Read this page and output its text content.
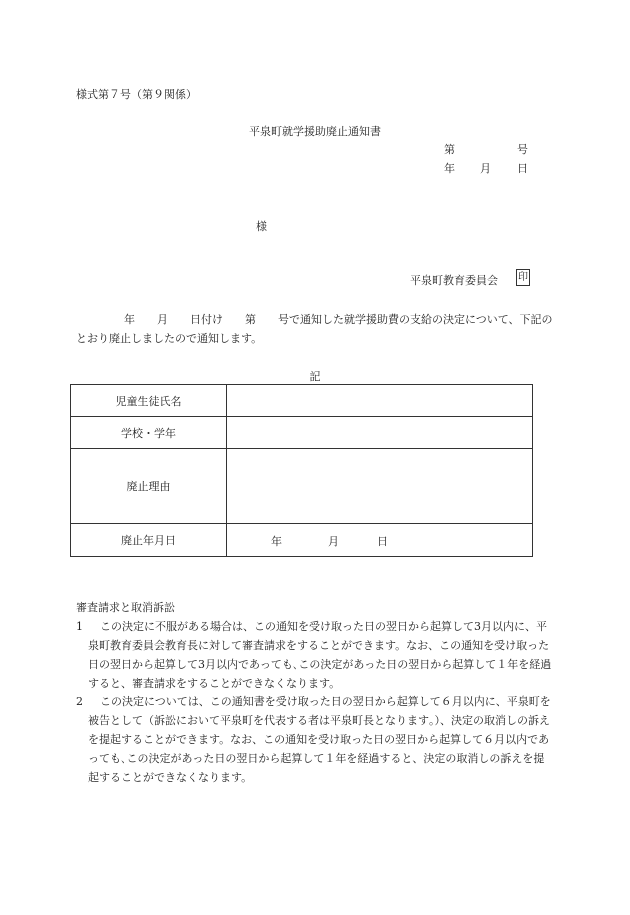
様式第７号（第９関係）
平泉町就学援助廃止通知書
第	号
年 月 日
様
平泉町教育委員会 印
年　　月　　日付け　　第　　号で通知した就学援助費の支給の決定について、下記のとおり廃止しましたので通知します。
記
児童生徒氏名	
学校・学年	
廃止理由	
廃止年月日	年 月 日
審査請求と取消訴訟
1	この決定に不服がある場合は、この通知を受け取った日の翌日から起算して3月以内に、平泉町教育委員会教育長に対して審査請求をすることができます。なお、この通知を受け取った日の翌日から起算して3月以内であっても､この決定があった日の翌日から起算して１年を経過すると、審査請求をすることができなくなります。
2	この決定については、この通知書を受け取った日の翌日から起算して６月以内に、平泉町を被告として（訴訟において平泉町を代表する者は平泉町長となります｡）、決定の取消しの訴えを提起することができます。なお、この通知を受け取った日の翌日から起算して６月以内であっても､この決定があった日の翌日から起算して１年を経過すると、決定の取消しの訴えを提起することができなくなります。
